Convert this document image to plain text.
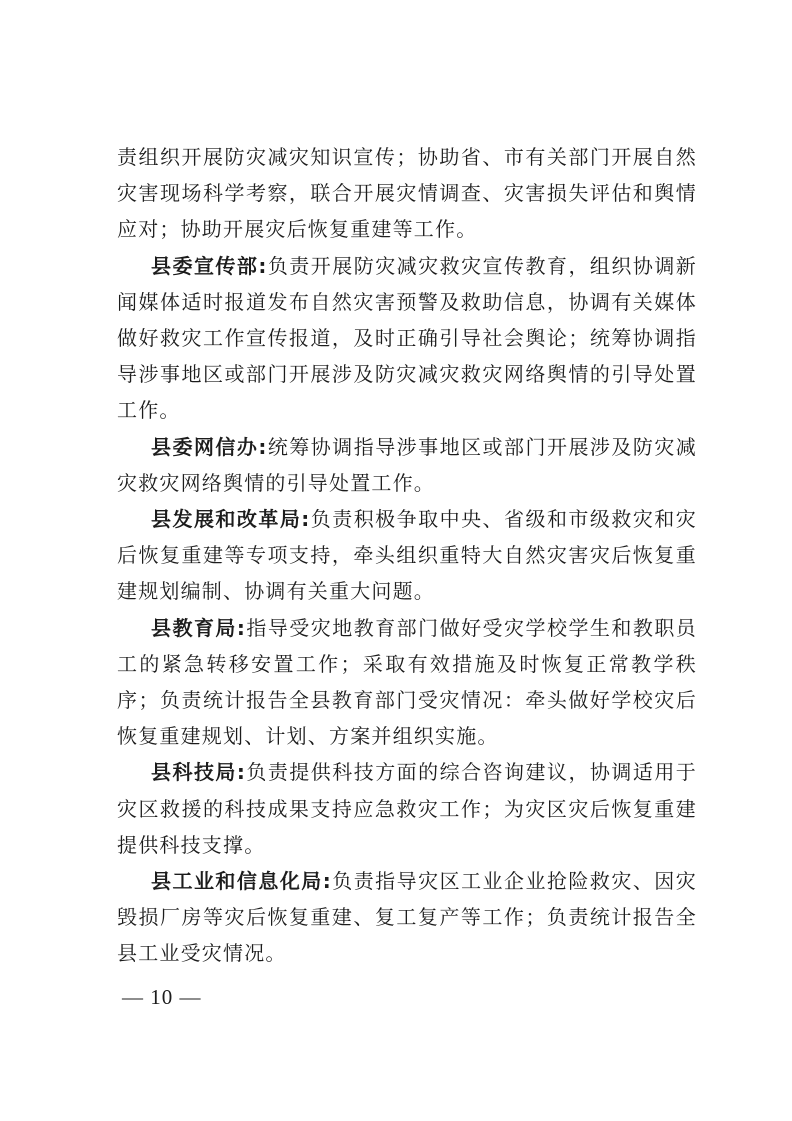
责组织开展防灾减灾知识宣传；协助省、市有关部门开展自然灾害现场科学考察，联合开展灾情调查、灾害损失评估和舆情应对；协助开展灾后恢复重建等工作。

县委宣传部:负责开展防灾减灾救灾宣传教育，组织协调新闻媒体适时报道发布自然灾害预警及救助信息，协调有关媒体做好救灾工作宣传报道，及时正确引导社会舆论；统筹协调指导涉事地区或部门开展涉及防灾减灾救灾网络舆情的引导处置工作。

县委网信办:统筹协调指导涉事地区或部门开展涉及防灾减灾救灾网络舆情的引导处置工作。

县发展和改革局:负责积极争取中央、省级和市级救灾和灾后恢复重建等专项支持，牵头组织重特大自然灾害灾后恢复重建规划编制、协调有关重大问题。

县教育局:指导受灾地教育部门做好受灾学校学生和教职员工的紧急转移安置工作；采取有效措施及时恢复正常教学秩序；负责统计报告全县教育部门受灾情况：牵头做好学校灾后恢复重建规划、计划、方案并组织实施。

县科技局:负责提供科技方面的综合咨询建议，协调适用于灾区救援的科技成果支持应急救灾工作；为灾区灾后恢复重建提供科技支撑。

县工业和信息化局:负责指导灾区工业企业抢险救灾、因灾毁损厂房等灾后恢复重建、复工复产等工作；负责统计报告全县工业受灾情况。

— 10 —
